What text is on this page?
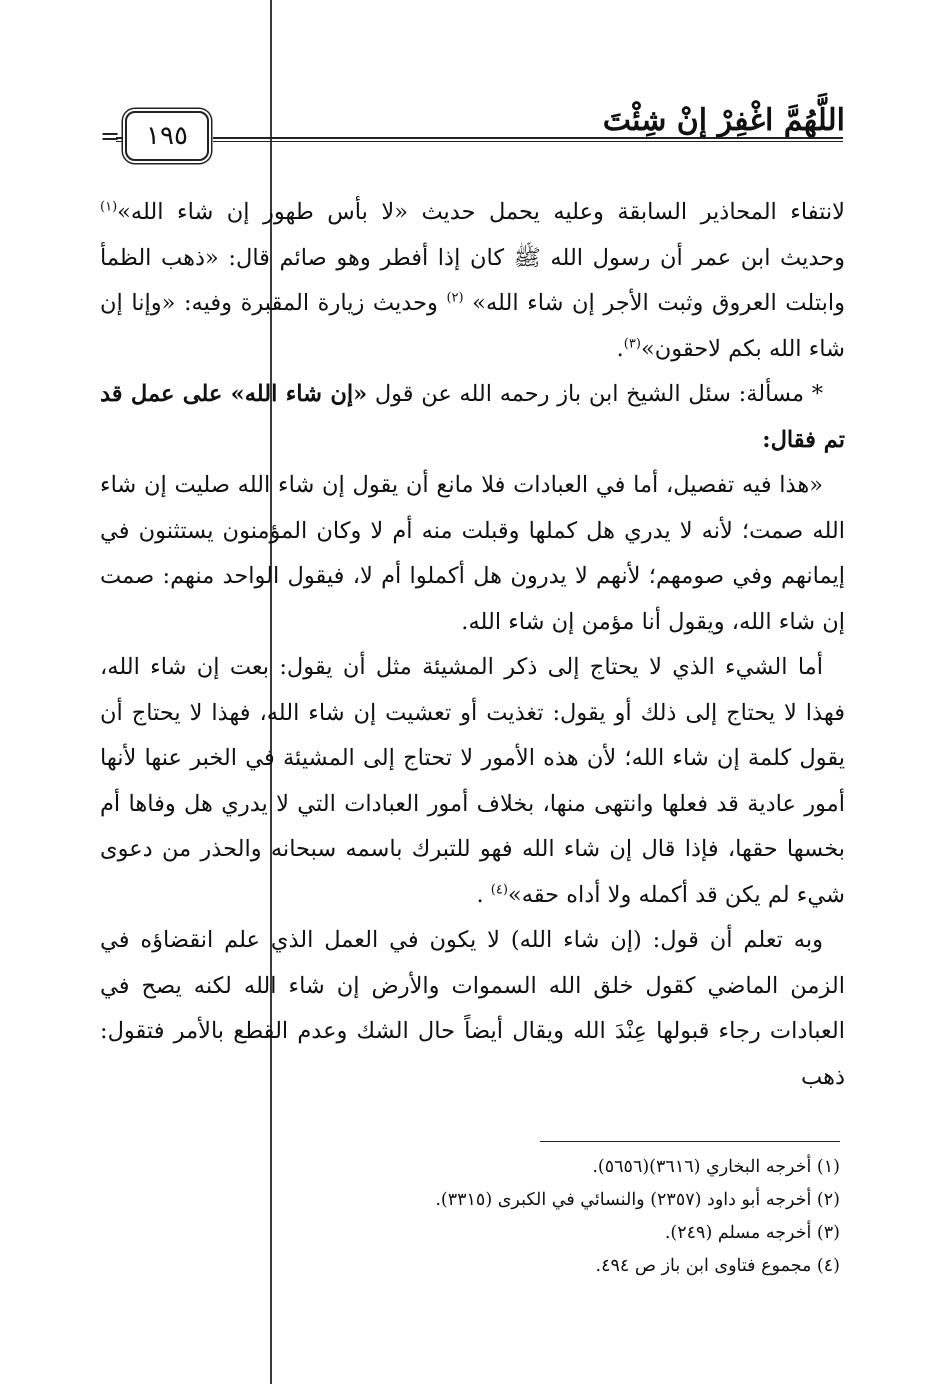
اللَّهُمَّ اغْفِرْ إنْ شِئْتَ
١٩٥
=

لانتفاء المحاذير السابقة وعليه يحمل حديث «لا بأس طهور إن شاء الله»$^{(١)}$ وحديث ابن عمر أن رسول الله ﷺ كان إذا أفطر وهو صائم قال: «ذهب الظمأ وابتلت العروق وثبت الأجر إن شاء الله» $^{(٢)}$ وحديث زيارة المقبرة وفيه: «وإنا إن شاء الله بكم لاحقون»$^{(٣)}$.

* مسألة: سئل الشيخ ابن باز رحمه الله عن قول «إن شاء الله» على عمل قد تم فقال:

«هذا فيه تفصيل، أما في العبادات فلا مانع أن يقول إن شاء الله صليت إن شاء الله صمت؛ لأنه لا يدري هل كملها وقبلت منه أم لا وكان المؤمنون يستثنون في إيمانهم وفي صومهم؛ لأنهم لا يدرون هل أكملوا أم لا، فيقول الواحد منهم: صمت إن شاء الله، ويقول أنا مؤمن إن شاء الله.

أما الشيء الذي لا يحتاج إلى ذكر المشيئة مثل أن يقول: بعت إن شاء الله، فهذا لا يحتاج إلى ذلك أو يقول: تغذيت أو تعشيت إن شاء الله، فهذا لا يحتاج أن يقول كلمة إن شاء الله؛ لأن هذه الأمور لا تحتاج إلى المشيئة في الخبر عنها لأنها أمور عادية قد فعلها وانتهى منها، بخلاف أمور العبادات التي لا يدري هل وفاها أم بخسها حقها، فإذا قال إن شاء الله فهو للتبرك باسمه سبحانه والحذر من دعوى شيء لم يكن قد أكمله ولا أداه حقه»$^{(٤)}$ .

وبه تعلم أن قول: (إن شاء الله) لا يكون في العمل الذي علم انقضاؤه في الزمن الماضي كقول خلق الله السموات والأرض إن شاء الله لكنه يصح في العبادات رجاء قبولها عِنْدَ الله ويقال أيضاً حال الشك وعدم القطع بالأمر فتقول: ذهب

(١) أخرجه البخاري (٣٦١٦)(٥٦٥٦).

(٢) أخرجه أبو داود (٢٣٥٧) والنسائي في الكبرى (٣٣١٥).

(٣) أخرجه مسلم (٢٤٩).

(٤) مجموع فتاوى ابن باز ص ٤٩٤.
